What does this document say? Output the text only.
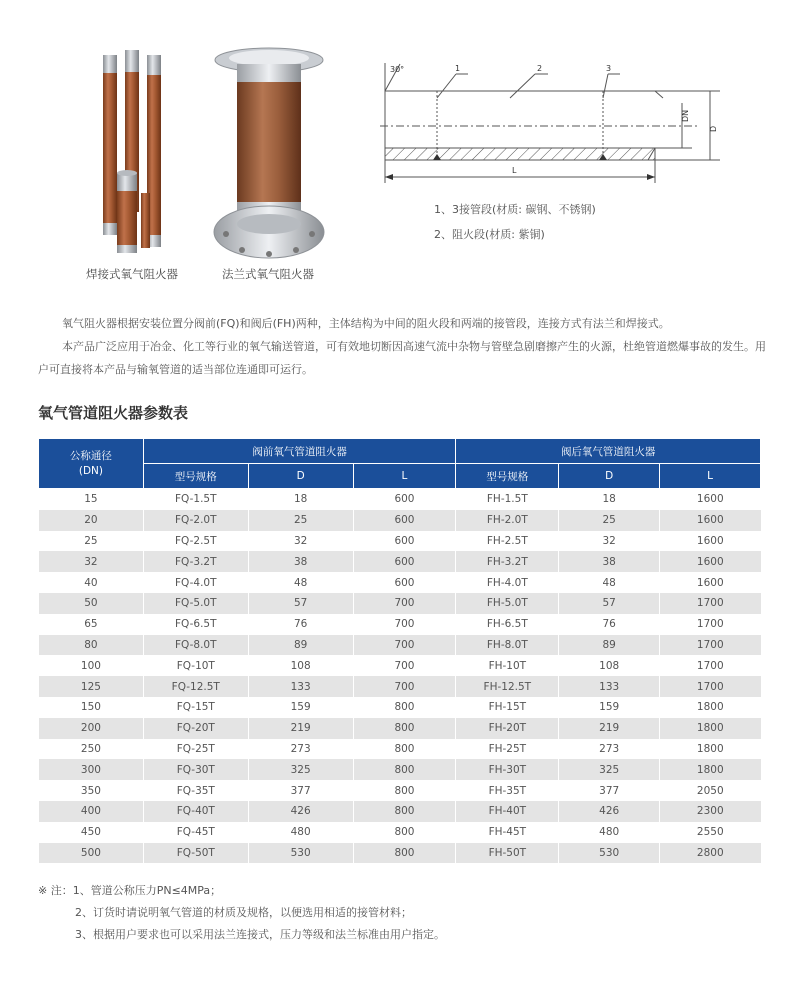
焊接式氧气阻火器	法兰式氧气阻火器
30°	1	2	3
DN
D
L
1、3接管段(材质: 碳钢、不锈钢)
2、阻火段(材质: 紫铜)
氧气阻火器根据安装位置分阀前(FQ)和阀后(FH)两种，主体结构为中间的阻火段和两端的接管段，连接方式有法兰和焊接式。
本产品广泛应用于冶金、化工等行业的氧气输送管道，可有效地切断因高速气流中杂物与管壁急剧磨擦产生的火源，杜绝管道燃爆事故的发生。用户可直接将本产品与输氧管道的适当部位连通即可运行。
氧气管道阻火器参数表
公称通径
(DN)	阀前氧气管道阻火器			阀后氧气管道阻火器		
	型号规格	D	L	型号规格	D	L
15	FQ-1.5T	18	600	FH-1.5T	18	1600
20	FQ-2.0T	25	600	FH-2.0T	25	1600
25	FQ-2.5T	32	600	FH-2.5T	32	1600
32	FQ-3.2T	38	600	FH-3.2T	38	1600
40	FQ-4.0T	48	600	FH-4.0T	48	1600
50	FQ-5.0T	57	700	FH-5.0T	57	1700
65	FQ-6.5T	76	700	FH-6.5T	76	1700
80	FQ-8.0T	89	700	FH-8.0T	89	1700
100	FQ-10T	108	700	FH-10T	108	1700
125	FQ-12.5T	133	700	FH-12.5T	133	1700
150	FQ-15T	159	800	FH-15T	159	1800
200	FQ-20T	219	800	FH-20T	219	1800
250	FQ-25T	273	800	FH-25T	273	1800
300	FQ-30T	325	800	FH-30T	325	1800
350	FQ-35T	377	800	FH-35T	377	2050
400	FQ-40T	426	800	FH-40T	426	2300
450	FQ-45T	480	800	FH-45T	480	2550
500	FQ-50T	530	800	FH-50T	530	2800
※ 注：1、管道公称压力PN≤4MPa；
2、订货时请说明氧气管道的材质及规格，以便选用相适的接管材料；
3、根据用户要求也可以采用法兰连接式，压力等级和法兰标准由用户指定。
